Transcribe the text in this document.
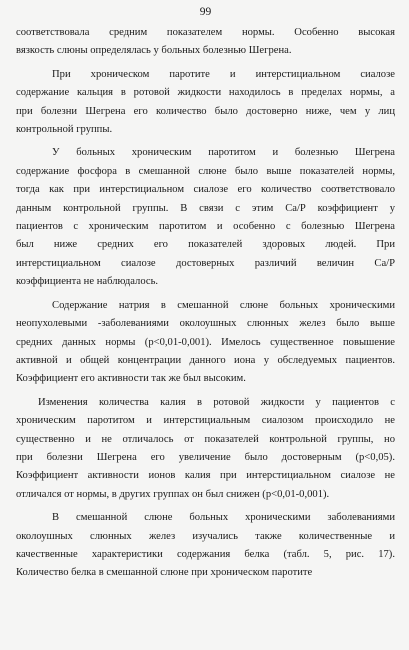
99

соответствовала средним показателем нормы. Особенно высокая
вязкость слюны определялась у больных болезнью Шегрена.

При хроническом паротите и интерстициальном сиалозе
содержание кальция в ротовой жидкости находилось в пределах нормы, а
при болезни Шегрена его количество было достоверно ниже, чем у лиц
контрольной группы.

У больных хроническим паротитом и болезнью Шегрена
содержание фосфора в смешанной слюне было выше показателей нормы,
тогда как при интерстициальном сиалозе его количество соответствовало
данным контрольной группы. В связи с этим Са/Р коэффициент у
пациентов с хроническим паротитом и особенно с болезнью Шегрена
был ниже средних его показателей здоровых людей. При
интерстициальном сиалозе достоверных различий величин Са/Р
коэффициента не наблюдалось.

Содержание натрия в смешанной слюне больных хроническими
неопухолевыми -заболеваниями околоушных слюнных желез было выше
средних данных нормы (р<0,01-0,001). Имелось существенное повышение
активной и общей концентрации данного иона у обследуемых пациентов.
Коэффициент его активности так же был высоким.

Изменения количества калия в ротовой жидкости у пациентов с
хроническим паротитом и интерстициальным сиалозом происходило не
существенно и не отличалось от показателей контрольной группы, но
при болезни Шегрена его увеличение было достоверным (р<0,05).
Коэффициент активности ионов калия при интерстициальном сиалозе не
отличался от нормы, в других группах он был снижен (р<0,01-0,001).

В смешанной слюне больных хроническими заболеваниями
околоушных слюнных желез изучались также количественные и
качественные характеристики содержания белка (табл. 5, рис. 17).
Количество белка в смешанной слюне при хроническом паротите
